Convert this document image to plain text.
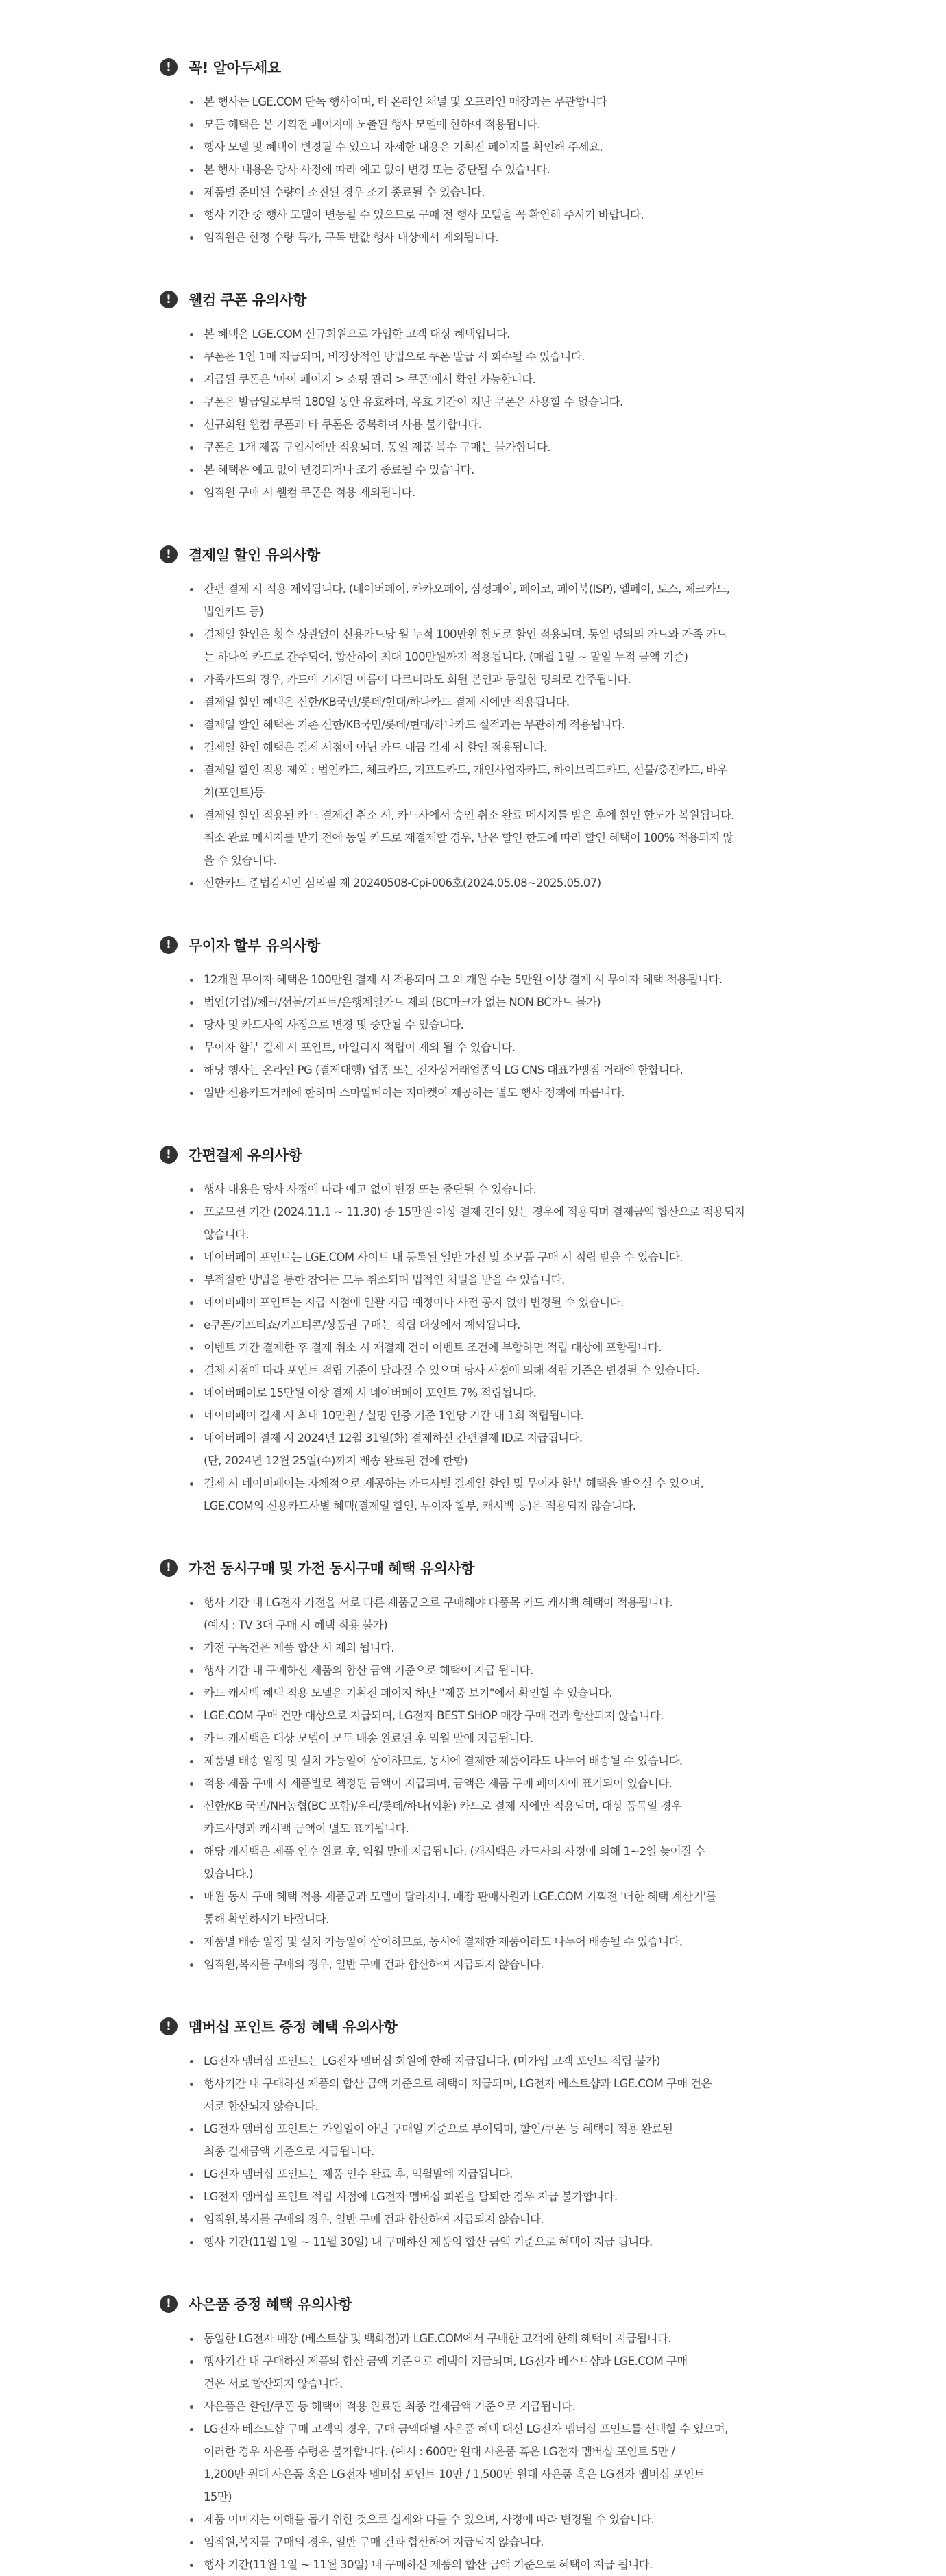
!	꼭! 알아두세요
본 행사는 LGE.COM 단독 행사이며, 타 온라인 채널 및 오프라인 매장과는 무관합니다
모든 혜택은 본 기획전 페이지에 노출된 행사 모델에 한하여 적용됩니다.
행사 모델 및 혜택이 변경될 수 있으니 자세한 내용은 기획전 페이지를 확인해 주세요.
본 행사 내용은 당사 사정에 따라 예고 없이 변경 또는 중단될 수 있습니다.
제품별 준비된 수량이 소진된 경우 조기 종료될 수 있습니다.
행사 기간 중 행사 모델이 변동될 수 있으므로 구매 전 행사 모델을 꼭 확인해 주시기 바랍니다.
임직원은 한정 수량 특가, 구독 반값 행사 대상에서 제외됩니다.
!	웰컴 쿠폰 유의사항
본 혜택은 LGE.COM 신규회원으로 가입한 고객 대상 혜택입니다.
쿠폰은 1인 1매 지급되며, 비정상적인 방법으로 쿠폰 발급 시 회수될 수 있습니다.
지급된 쿠폰은 '마이 페이지 > 쇼핑 관리 > 쿠폰'에서 확인 가능합니다.
쿠폰은 발급일로부터 180일 동안 유효하며, 유효 기간이 지난 쿠폰은 사용할 수 없습니다.
신규회원 웰컴 쿠폰과 타 쿠폰은 중복하여 사용 불가합니다.
쿠폰은 1개 제품 구입시에만 적용되며, 동일 제품 복수 구매는 불가합니다.
본 혜택은 예고 없이 변경되거나 조기 종료될 수 있습니다.
임직원 구매 시 웰컴 쿠폰은 적용 제외됩니다.
!	결제일 할인 유의사항
간편 결제 시 적용 제외됩니다. (네이버페이, 카카오페이, 삼성페이, 페이코, 페이북(ISP), 엘페이, 토스, 체크카드,
법인카드 등)
결제일 할인은 횟수 상관없이 신용카드당 월 누적 100만원 한도로 할인 적용되며, 동일 명의의 카드와 가족 카드
는 하나의 카드로 간주되어, 합산하여 최대 100만원까지 적용됩니다. (매월 1일 ~ 말일 누적 금액 기준)
가족카드의 경우, 카드에 기재된 이름이 다르더라도 회원 본인과 동일한 명의로 간주됩니다.
결제일 할인 혜택은 신한/KB국민/롯데/현대/하나카드 결제 시에만 적용됩니다.
결제일 할인 혜택은 기존 신한/KB국민/롯데/현대/하나카드 실적과는 무관하게 적용됩니다.
결제일 할인 혜택은 결제 시점이 아닌 카드 대금 결제 시 할인 적용됩니다.
결제일 할인 적용 제외 : 법인카드, 체크카드, 기프트카드, 개인사업자카드, 하이브리드카드, 선불/충전카드, 바우
처(포인트)등
결제일 할인 적용된 카드 결제건 취소 시, 카드사에서 승인 취소 완료 메시지를 받은 후에 할인 한도가 복원됩니다.
취소 완료 메시지를 받기 전에 동일 카드로 재결제할 경우, 남은 할인 한도에 따라 할인 혜택이 100% 적용되지 않
을 수 있습니다.
신한카드 준법감시인 심의필 제 20240508-Cpi-006호(2024.05.08~2025.05.07)
!	무이자 할부 유의사항
12개월 무이자 혜택은 100만원 결제 시 적용되며 그 외 개월 수는 5만원 이상 결제 시 무이자 혜택 적용됩니다.
법인(기업)/체크/선불/기프트/은행계열카드 제외 (BC마크가 없는 NON BC카드 불가)
당사 및 카드사의 사정으로 변경 및 중단될 수 있습니다.
무이자 할부 결제 시 포인트, 마일리지 적립이 제외 될 수 있습니다.
해당 행사는 온라인 PG (결제대행) 업종 또는 전자상거래업종의 LG CNS 대표가맹점 거래에 한합니다.
일반 신용카드거래에 한하며 스마일페이는 지마켓이 제공하는 별도 행사 정책에 따릅니다.
!	간편결제 유의사항
행사 내용은 당사 사정에 따라 예고 없이 변경 또는 중단될 수 있습니다.
프로모션 기간 (2024.11.1 ~ 11.30) 중 15만원 이상 결제 건이 있는 경우에 적용되며 결제금액 합산으로 적용되지
않습니다.
네이버페이 포인트는 LGE.COM 사이트 내 등록된 일반 가전 및 소모품 구매 시 적립 받을 수 있습니다.
부적절한 방법을 통한 참여는 모두 취소되며 법적인 처벌을 받을 수 있습니다.
네이버페이 포인트는 지급 시점에 일괄 지급 예정이나 사전 공지 없이 변경될 수 있습니다.
e쿠폰/기프티쇼/기프티콘/상품권 구매는 적립 대상에서 제외됩니다.
이벤트 기간 결제한 후 결제 취소 시 재결제 건이 이벤트 조건에 부합하면 적립 대상에 포함됩니다.
결제 시점에 따라 포인트 적립 기준이 달라질 수 있으며 당사 사정에 의해 적립 기준은 변경될 수 있습니다.
네이버페이로 15만원 이상 결제 시 네이버페이 포인트 7% 적립됩니다.
네이버페이 결제 시 최대 10만원 / 실명 인증 기준 1인당 기간 내 1회 적립됩니다.
네이버페이 결제 시 2024년 12월 31일(화) 결제하신 간편결제 ID로 지급됩니다.
(단, 2024년 12월 25일(수)까지 배송 완료된 건에 한함)
결제 시 네이버페이는 자체적으로 제공하는 카드사별 결제일 할인 및 무이자 할부 혜택을 받으실 수 있으며,
LGE.COM의 신용카드사별 혜택(결제일 할인, 무이자 할부, 캐시백 등)은 적용되지 않습니다.
!	가전 동시구매 및 가전 동시구매 혜택 유의사항
행사 기간 내 LG전자 가전을 서로 다른 제품군으로 구매해야 다품목 카드 캐시백 혜택이 적용됩니다.
(예시 : TV 3대 구매 시 혜택 적용 불가)
가전 구독건은 제품 합산 시 제외 됩니다.
행사 기간 내 구매하신 제품의 합산 금액 기준으로 혜택이 지급 됩니다.
카드 캐시백 혜택 적용 모델은 기획전 페이지 하단 "제품 보기"에서 확인할 수 있습니다.
LGE.COM 구매 건만 대상으로 지급되며, LG전자 BEST SHOP 매장 구매 건과 합산되지 않습니다.
카드 캐시백은 대상 모델이 모두 배송 완료된 후 익월 말에 지급됩니다.
제품별 배송 일정 및 설치 가능일이 상이하므로, 동시에 결제한 제품이라도 나누어 배송될 수 있습니다.
적용 제품 구매 시 제품별로 책정된 금액이 지급되며, 금액은 제품 구매 페이지에 표기되어 있습니다.
신한/KB 국민/NH농협(BC 포함)/우리/롯데/하나(외환) 카드로 결제 시에만 적용되며, 대상 품목일 경우
카드사명과 캐시백 금액이 별도 표기됩니다.
해당 캐시백은 제품 인수 완료 후, 익월 말에 지급됩니다. (캐시백은 카드사의 사정에 의해 1~2일 늦어질 수
있습니다.)
매월 동시 구매 혜택 적용 제품군과 모델이 달라지니, 매장 판매사원과 LGE.COM 기획전 '더한 혜택 계산기'를
통해 확인하시기 바랍니다.
제품별 배송 일정 및 설치 가능일이 상이하므로, 동시에 결제한 제품이라도 나누어 배송될 수 있습니다.
임직원,복지몰 구매의 경우, 일반 구매 건과 합산하여 지급되지 않습니다.
!	멤버십 포인트 증정 혜택 유의사항
LG전자 멤버십 포인트는 LG전자 멤버십 회원에 한해 지급됩니다. (미가입 고객 포인트 적립 불가)
행사기간 내 구매하신 제품의 합산 금액 기준으로 혜택이 지급되며, LG전자 베스트샵과 LGE.COM 구매 건은
서로 합산되지 않습니다.
LG전자 멤버십 포인트는 가입일이 아닌 구매일 기준으로 부여되며, 할인/쿠폰 등 혜택이 적용 완료된
최종 결제금액 기준으로 지급됩니다.
LG전자 멤버십 포인트는 제품 인수 완료 후, 익월말에 지급됩니다.
LG전자 멤버십 포인트 적립 시점에 LG전자 멤버십 회원을 탈퇴한 경우 지급 불가합니다.
임직원,복지몰 구매의 경우, 일반 구매 건과 합산하여 지급되지 않습니다.
행사 기간(11월 1일 ~ 11월 30일) 내 구매하신 제품의 합산 금액 기준으로 혜택이 지급 됩니다.
!	사은품 증정 혜택 유의사항
동일한 LG전자 매장 (베스트샵 및 백화점)과 LGE.COM에서 구매한 고객에 한해 혜택이 지급됩니다.
행사기간 내 구매하신 제품의 합산 금액 기준으로 혜택이 지급되며, LG전자 베스트샵과 LGE.COM 구매
건은 서로 합산되지 않습니다.
사은품은 할인/쿠폰 등 혜택이 적용 완료된 최종 결제금액 기준으로 지급됩니다.
LG전자 베스트샵 구매 고객의 경우, 구매 금액대별 사은품 혜택 대신 LG전자 멤버십 포인트를 선택할 수 있으며,
이러한 경우 사은품 수령은 불가합니다. (예시 : 600만 원대 사은품 혹은 LG전자 멤버십 포인트 5만 /
1,200만 원대 사은품 혹은 LG전자 멤버십 포인트 10만 / 1,500만 원대 사은품 혹은 LG전자 멤버십 포인트
15만)
제품 이미지는 이해를 돕기 위한 것으로 실제와 다를 수 있으며, 사정에 따라 변경될 수 있습니다.
임직원,복지몰 구매의 경우, 일반 구매 건과 합산하여 지급되지 않습니다.
행사 기간(11월 1일 ~ 11월 30일) 내 구매하신 제품의 합산 금액 기준으로 혜택이 지급 됩니다.
